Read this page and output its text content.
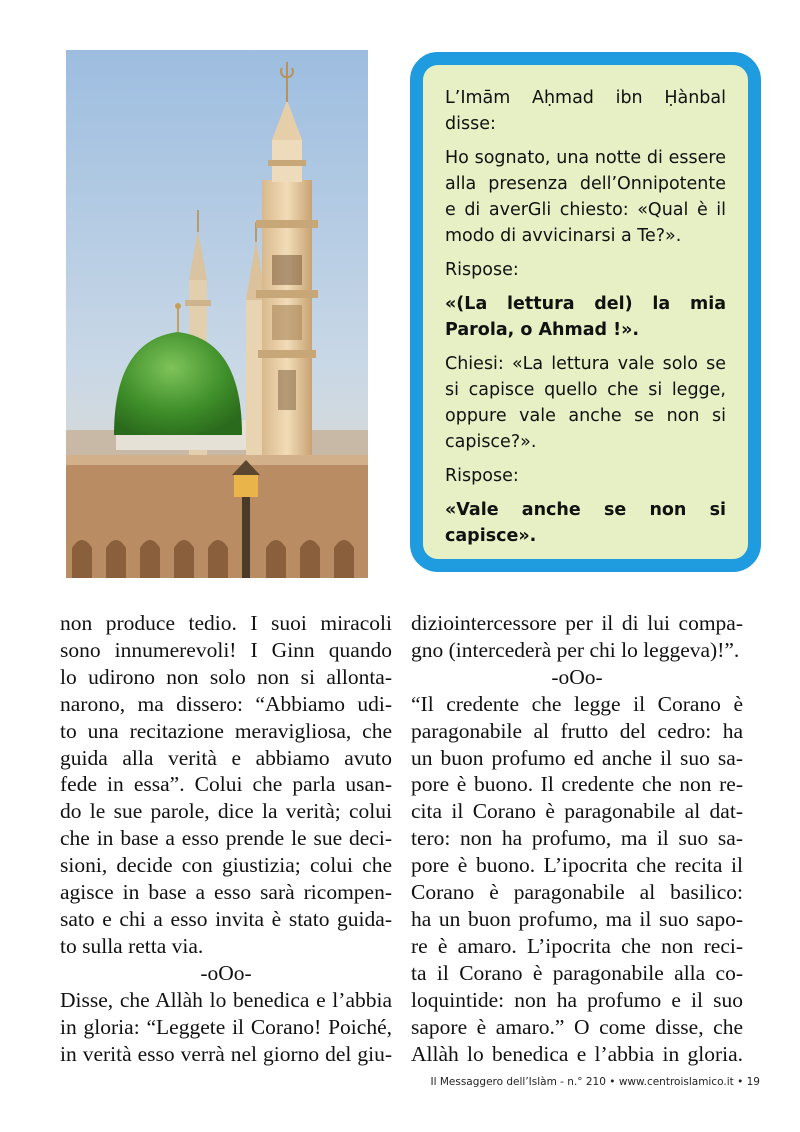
L’Imām Aḥmad ibn Ḥànbal disse:

Ho sognato, una notte di essere alla presenza dell’Onnipotente e di averGli chiesto: «Qual è il modo di avvicinarsi a Te?».

Rispose:

«(La lettura del) la mia Parola, o Ahmad !».

Chiesi: «La lettura vale solo se si capisce quello che si legge, oppure vale anche se non si capisce?».

Rispose:

«Vale anche se non si capisce».

non produce tedio. I suoi miracoli
sono innumerevoli! I Ginn quando
lo udirono non solo non si allonta-
narono, ma dissero: “Abbiamo udi-
to una recitazione meravigliosa, che
guida alla verità e abbiamo avuto
fede in essa”. Colui che parla usan-
do le sue parole, dice la verità; colui
che in base a esso prende le sue deci-
sioni, decide con giustizia; colui che
agisce in base a esso sarà ricompen-
sato e chi a esso invita è stato guida-
to sulla retta via.
-oOo-
Disse, che Allàh lo benedica e l’abbia
in gloria: “Leggete il Corano! Poiché,
in verità esso verrà nel giorno del giu-
diziointercessore per il di lui compa-
gno (intercederà per chi lo leggeva)!”.
-oOo-
“Il credente che legge il Corano è
paragonabile al frutto del cedro: ha
un buon profumo ed anche il suo sa-
pore è buono. Il credente che non re-
cita il Corano è paragonabile al dat-
tero: non ha profumo, ma il suo sa-
pore è buono. L’ipocrita che recita il
Corano è paragonabile al basilico:
ha un buon profumo, ma il suo sapo-
re è amaro. L’ipocrita che non reci-
ta il Corano è paragonabile alla co-
loquintide: non ha profumo e il suo
sapore è amaro.” O come disse, che
Allàh lo benedica e l’abbia in gloria.
Il Messaggero dell’Islàm - n.° 210 • www.centroislamico.it • 19
